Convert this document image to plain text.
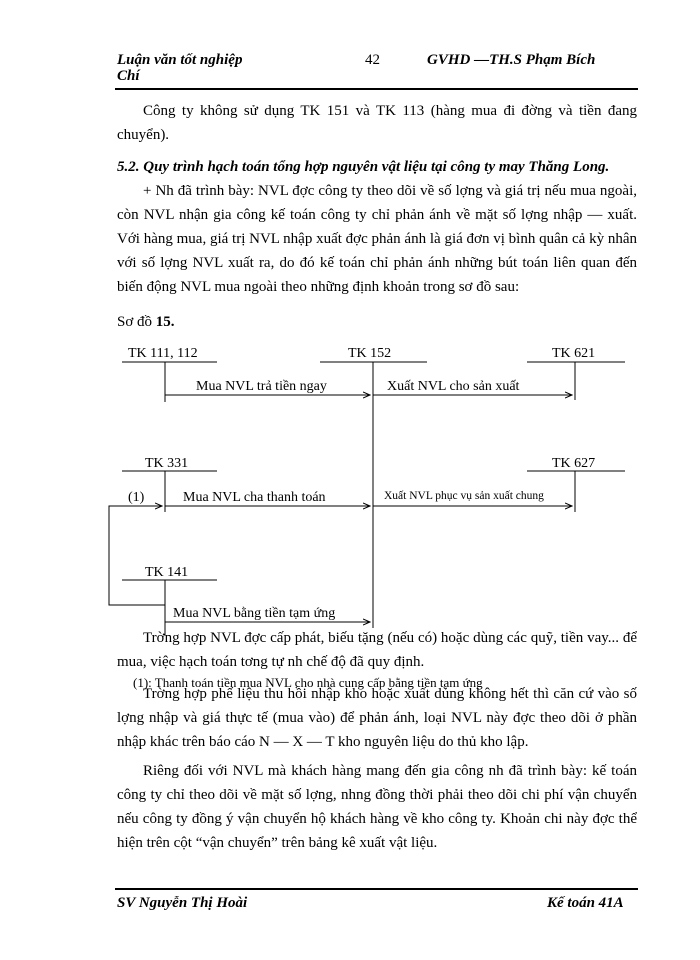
Luận văn tốt nghiệp
Chí
42	GVHD —TH.S Phạm Bích
Công ty không sử dụng TK 151 và TK 113 (hàng mua đi đờng và tiền đang chuyển).
5.2. Quy trình hạch toán tổng hợp nguyên vật liệu tại công ty may Thăng Long.
+ Nh đã trình bày: NVL đợc công ty theo dõi về số lợng và giá trị nếu mua ngoài, còn NVL nhận gia công kế toán công ty chỉ phản ánh về mặt số lợng nhập — xuất. Với hàng mua, giá trị NVL nhập xuất đợc phản ánh là giá đơn vị bình quân cả kỳ nhân với số lợng NVL xuất ra, do đó kế toán chỉ phản ánh những bút toán liên quan đến biến động NVL mua ngoài theo những định khoản trong sơ đồ sau:
Sơ đồ 15.
TK 111, 112	TK 152	TK 621
Mua NVL trả tiền ngay	Xuất NVL cho sản xuất
TK 331	TK 627
(1)	Mua NVL cha thanh toán	Xuất NVL phục vụ sản xuất chung
TK 141
Mua NVL bằng tiền tạm ứng
Trờng hợp NVL đợc cấp phát, biếu tặng (nếu có) hoặc dùng các quỹ, tiền vay... để mua, việc hạch toán tơng tự nh chế độ đã quy định.
(1): Thanh toán tiền mua NVL cho nhà cung cấp bằng tiền tạm ứng
Trờng hợp phế liệu thu hồi nhập kho hoặc xuất dùng không hết thì căn cứ vào số lợng nhập và giá thực tế (mua vào) để phản ánh, loại NVL này đợc theo dõi ở phần nhập khác trên báo cáo N — X — T kho nguyên liệu do thủ kho lập.
Riêng đối với NVL mà khách hàng mang đến gia công nh đã trình bày: kế toán công ty chỉ theo dõi về mặt số lợng, nhng đồng thời phải theo dõi chi phí vận chuyển nếu công ty đồng ý vận chuyển hộ khách hàng về kho công ty. Khoản chi này đợc thể hiện trên cột “vận chuyển” trên bảng kê xuất vật liệu.
SV Nguyễn Thị Hoài	Kế toán 41A
